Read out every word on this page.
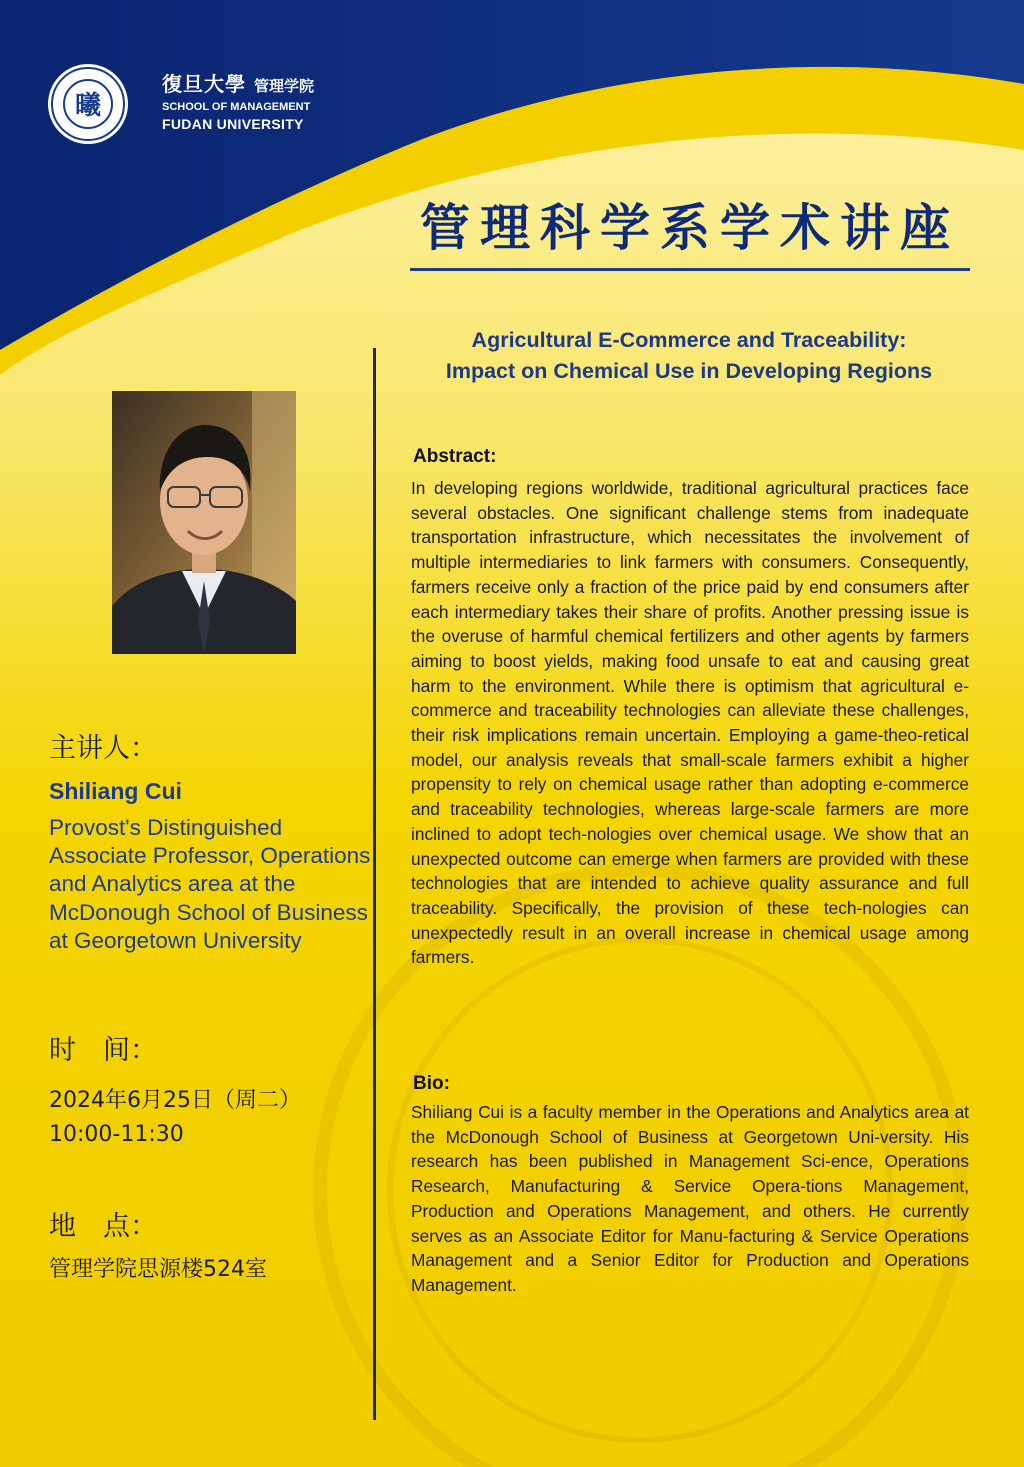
曦
復旦大學 管理学院
SCHOOL OF MANAGEMENT
FUDAN UNIVERSITY
管理科学系学术讲座
Agricultural E-Commerce and Traceability:
Impact on Chemical Use in Developing Regions
主讲人：
Shiliang Cui
Provost's Distinguished Associate Professor, Operations and Analytics area at the McDonough School of Business at Georgetown University
时　间：
2024年6月25日（周二）
10:00-11:30
地　点：
管理学院思源楼524室
Abstract:
In developing regions worldwide, traditional agricultural practices face several obstacles. One significant challenge stems from inadequate transportation infrastructure, which necessitates the involvement of multiple intermediaries to link farmers with consumers. Consequently, farmers receive only a fraction of the price paid by end consumers after each intermediary takes their share of profits. Another pressing issue is the overuse of harmful chemical fertilizers and other agents by farmers aiming to boost yields, making food unsafe to eat and causing great harm to the environment. While there is optimism that agricultural e-commerce and traceability technologies can alleviate these challenges, their risk implications remain uncertain. Employing a game-theo-retical model, our analysis reveals that small-scale farmers exhibit a higher propensity to rely on chemical usage rather than adopting e-commerce and traceability technologies, whereas large-scale farmers are more inclined to adopt tech-nologies over chemical usage. We show that an unexpected outcome can emerge when farmers are provided with these technologies that are intended to achieve quality assurance and full traceability. Specifically, the provision of these tech-nologies can unexpectedly result in an overall increase in chemical usage among farmers.
Bio:
Shiliang Cui is a faculty member in the Operations and Analytics area at the McDonough School of Business at Georgetown Uni-versity. His research has been published in Management Sci-ence, Operations Research, Manufacturing & Service Opera-tions Management, Production and Operations Management, and others. He currently serves as an Associate Editor for Manu-facturing & Service Operations Management and a Senior Editor for Production and Operations Management.
